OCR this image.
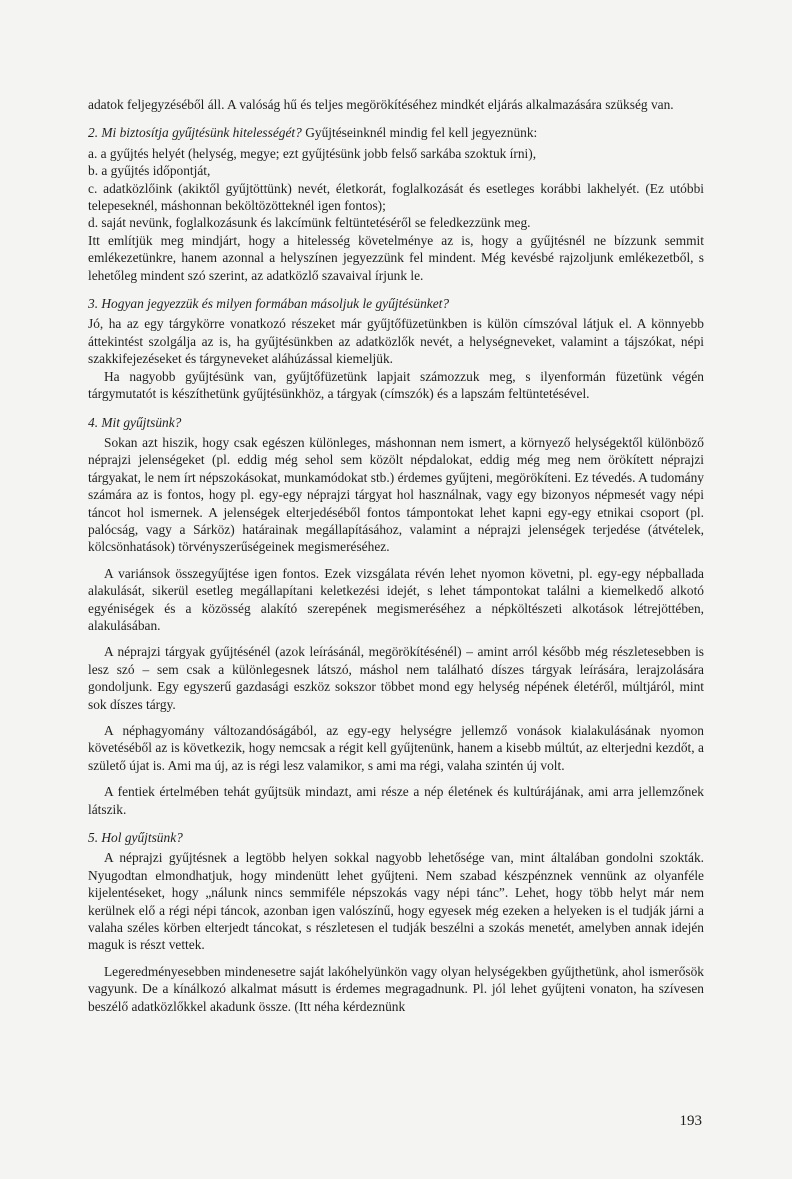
adatok feljegyzéséből áll. A valóság hű és teljes megörökítéséhez mindkét eljárás alkalmazására szükség van.

2. Mi biztosítja gyűjtésünk hitelességét? Gyűjtéseinknél mindig fel kell jegyeznünk:

a. a gyűjtés helyét (helység, megye; ezt gyűjtésünk jobb felső sarkába szoktuk írni),

b. a gyűjtés időpontját,

c. adatközlőink (akiktől gyűjtöttünk) nevét, életkorát, foglalkozását és esetleges korábbi lakhelyét. (Ez utóbbi telepeseknél, máshonnan beköltözötteknél igen fontos);

d. saját nevünk, foglalkozásunk és lakcímünk feltüntetéséről se feledkezzünk meg.

Itt említjük meg mindjárt, hogy a hitelesség követelménye az is, hogy a gyűjtésnél ne bízzunk semmit emlékezetünkre, hanem azonnal a helyszínen jegyezzünk fel mindent. Még kevésbé rajzoljunk emlékezetből, s lehetőleg mindent szó szerint, az adatközlő szavaival írjunk le.

3. Hogyan jegyezzük és milyen formában másoljuk le gyűjtésünket?

Jó, ha az egy tárgykörre vonatkozó részeket már gyűjtőfüzetünkben is külön címszóval látjuk el. A könnyebb áttekintést szolgálja az is, ha gyűjtésünkben az adatközlők nevét, a helységneveket, valamint a tájszókat, népi szakkifejezéseket és tárgyneveket aláhúzással kiemeljük.

Ha nagyobb gyűjtésünk van, gyűjtőfüzetünk lapjait számozzuk meg, s ilyenformán füzetünk végén tárgymutatót is készíthetünk gyűjtésünkhöz, a tárgyak (címszók) és a lapszám feltüntetésével.

4. Mit gyűjtsünk?

Sokan azt hiszik, hogy csak egészen különleges, máshonnan nem ismert, a környező helységektől különböző néprajzi jelenségeket (pl. eddig még sehol sem közölt népdalokat, eddig még meg nem örökített néprajzi tárgyakat, le nem írt népszokásokat, munkamódokat stb.) érdemes gyűjteni, megörökíteni. Ez tévedés. A tudomány számára az is fontos, hogy pl. egy-egy néprajzi tárgyat hol használnak, vagy egy bizonyos népmesét vagy népi táncot hol ismernek. A jelenségek elterjedéséből fontos támpontokat lehet kapni egy-egy etnikai csoport (pl. palócság, vagy a Sárköz) határainak megállapításához, valamint a néprajzi jelenségek terjedése (átvételek, kölcsönhatások) törvényszerűségeinek megismeréséhez.

A variánsok összegyűjtése igen fontos. Ezek vizsgálata révén lehet nyomon követni, pl. egy-egy népballada alakulását, sikerül esetleg megállapítani keletkezési idejét, s lehet támpontokat találni a kiemelkedő alkotó egyéniségek és a közösség alakító szerepének megismeréséhez a népköltészeti alkotások létrejöttében, alakulásában.

A néprajzi tárgyak gyűjtésénél (azok leírásánál, megörökítésénél) – amint arról később még részletesebben is lesz szó – sem csak a különlegesnek látszó, máshol nem található díszes tárgyak leírására, lerajzolására gondoljunk. Egy egyszerű gazdasági eszköz sokszor többet mond egy helység népének életéről, múltjáról, mint sok díszes tárgy.

A néphagyomány változandóságából, az egy-egy helységre jellemző vonások kialakulásának nyomon követéséből az is következik, hogy nemcsak a régit kell gyűjtenünk, hanem a kisebb múltút, az elterjedni kezdőt, a születő újat is. Ami ma új, az is régi lesz valamikor, s ami ma régi, valaha szintén új volt.

A fentiek értelmében tehát gyűjtsük mindazt, ami része a nép életének és kultúrájának, ami arra jellemzőnek látszik.

5. Hol gyűjtsünk?

A néprajzi gyűjtésnek a legtöbb helyen sokkal nagyobb lehetősége van, mint általában gondolni szokták. Nyugodtan elmondhatjuk, hogy mindenütt lehet gyűjteni. Nem szabad készpénznek vennünk az olyanféle kijelentéseket, hogy „nálunk nincs semmiféle népszokás vagy népi tánc”. Lehet, hogy több helyt már nem kerülnek elő a régi népi táncok, azonban igen valószínű, hogy egyesek még ezeken a helyeken is el tudják járni a valaha széles körben elterjedt táncokat, s részletesen el tudják beszélni a szokás menetét, amelyben annak idején maguk is részt vettek.

Legeredményesebben mindenesetre saját lakóhelyünkön vagy olyan helységekben gyűjthetünk, ahol ismerősök vagyunk. De a kínálkozó alkalmat másutt is érdemes megragadnunk. Pl. jól lehet gyűjteni vonaton, ha szívesen beszélő adatközlőkkel akadunk össze. (Itt néha kérdeznünk

193
